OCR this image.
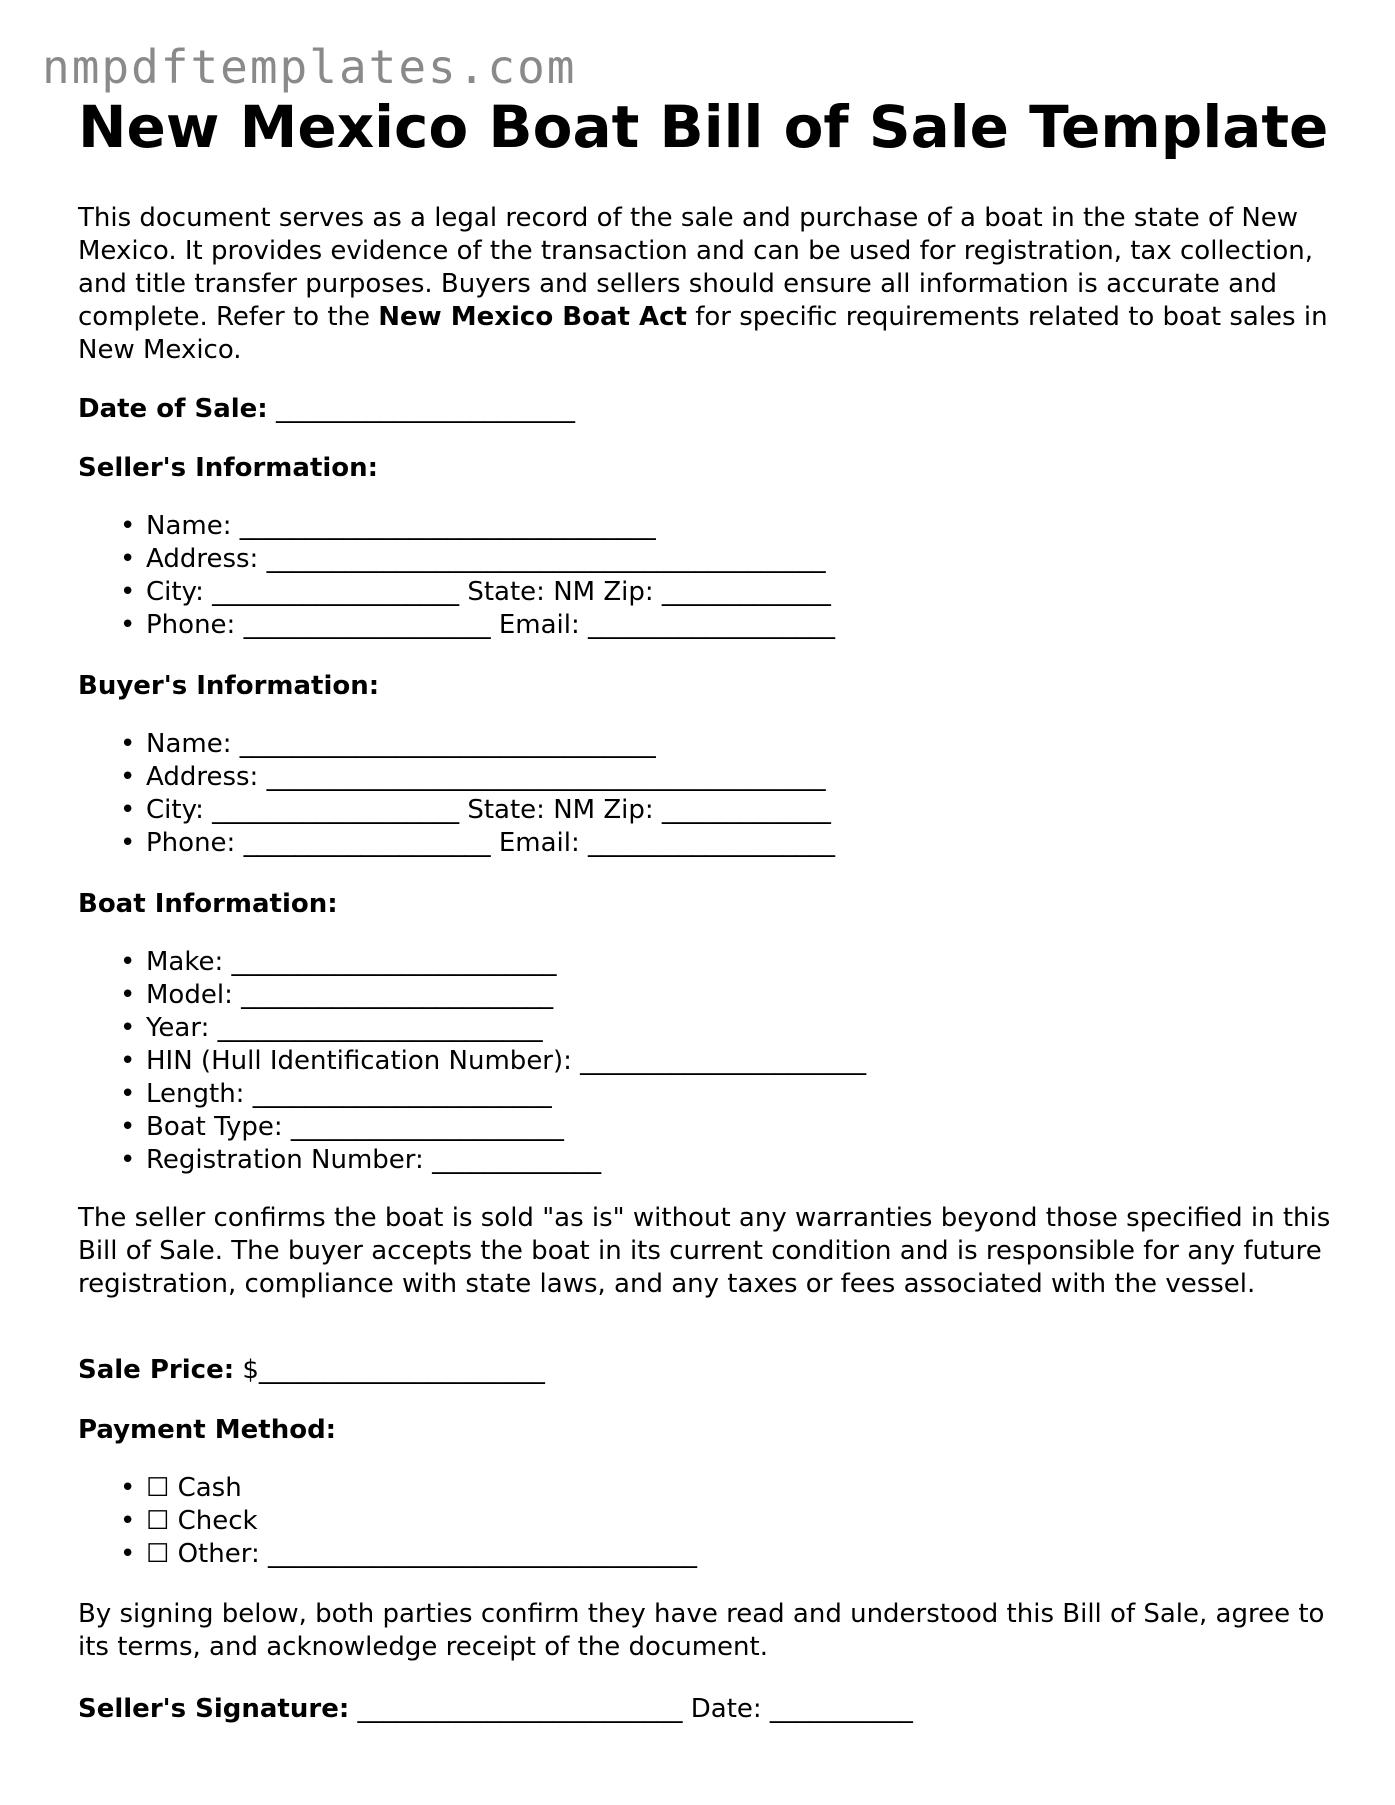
nmpdftemplates.com
New Mexico Boat Bill of Sale Template

This document serves as a legal record of the sale and purchase of a boat in the state of New Mexico. It provides evidence of the transaction and can be used for registration, tax collection, and title transfer purposes. Buyers and sellers should ensure all information is accurate and complete. Refer to the New Mexico Boat Act for specific requirements related to boat sales in New Mexico.

Date of Sale: _______________________
Seller's Information:
• Name: ________________________________
• Address: ___________________________________________
• City: ___________________ State: NM Zip: _____________
• Phone: ___________________ Email: ___________________
Buyer's Information:
• Name: ________________________________
• Address: ___________________________________________
• City: ___________________ State: NM Zip: _____________
• Phone: ___________________ Email: ___________________
Boat Information:
• Make: _________________________
• Model: ________________________
• Year: _________________________
• HIN (Hull Identification Number): ______________________
• Length: _______________________
• Boat Type: _____________________
• Registration Number: _____________

The seller confirms the boat is sold "as is" without any warranties beyond those specified in this Bill of Sale. The buyer accepts the boat in its current condition and is responsible for any future registration, compliance with state laws, and any taxes or fees associated with the vessel.

Sale Price: $______________________
Payment Method:
• ☐ Cash
• ☐ Check
• ☐ Other: _________________________________

By signing below, both parties confirm they have read and understood this Bill of Sale, agree to its terms, and acknowledge receipt of the document.

Seller's Signature: _________________________ Date: ___________
